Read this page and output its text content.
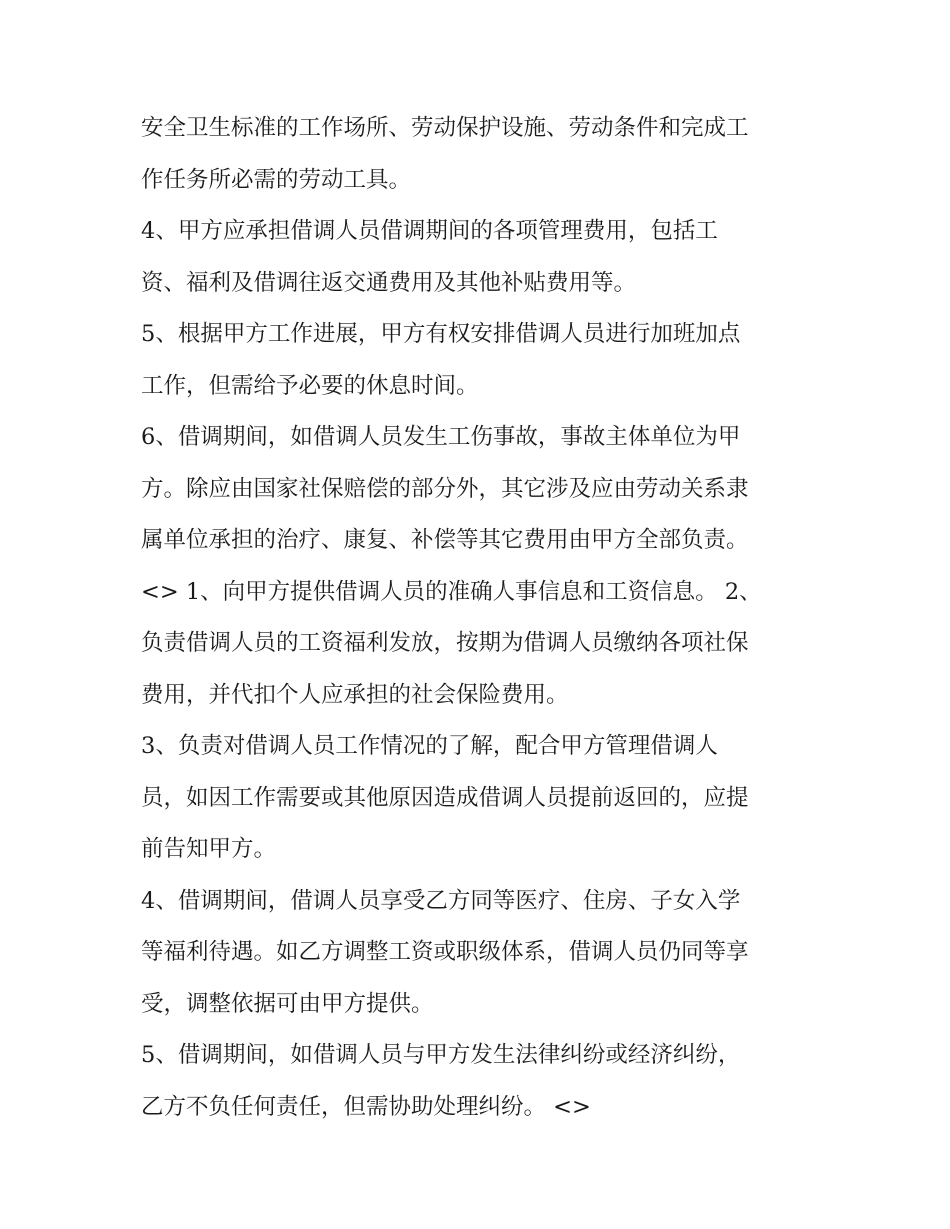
安全卫生标准的工作场所、劳动保护设施、劳动条件和完成工
作任务所必需的劳动工具。
4、甲方应承担借调人员借调期间的各项管理费用，包括工
资、福利及借调往返交通费用及其他补贴费用等。
5、根据甲方工作进展，甲方有权安排借调人员进行加班加点
工作，但需给予必要的休息时间。
6、借调期间，如借调人员发生工伤事故，事故主体单位为甲
方。除应由国家社保赔偿的部分外，其它涉及应由劳动关系隶
属单位承担的治疗、康复、补偿等其它费用由甲方全部负责。
<> 1、向甲方提供借调人员的准确人事信息和工资信息。 2、
负责借调人员的工资福利发放，按期为借调人员缴纳各项社保
费用，并代扣个人应承担的社会保险费用。
3、负责对借调人员工作情况的了解，配合甲方管理借调人
员，如因工作需要或其他原因造成借调人员提前返回的，应提
前告知甲方。
4、借调期间，借调人员享受乙方同等医疗、住房、子女入学
等福利待遇。如乙方调整工资或职级体系，借调人员仍同等享
受，调整依据可由甲方提供。
5、借调期间，如借调人员与甲方发生法律纠纷或经济纠纷，
乙方不负任何责任，但需协助处理纠纷。 <>
